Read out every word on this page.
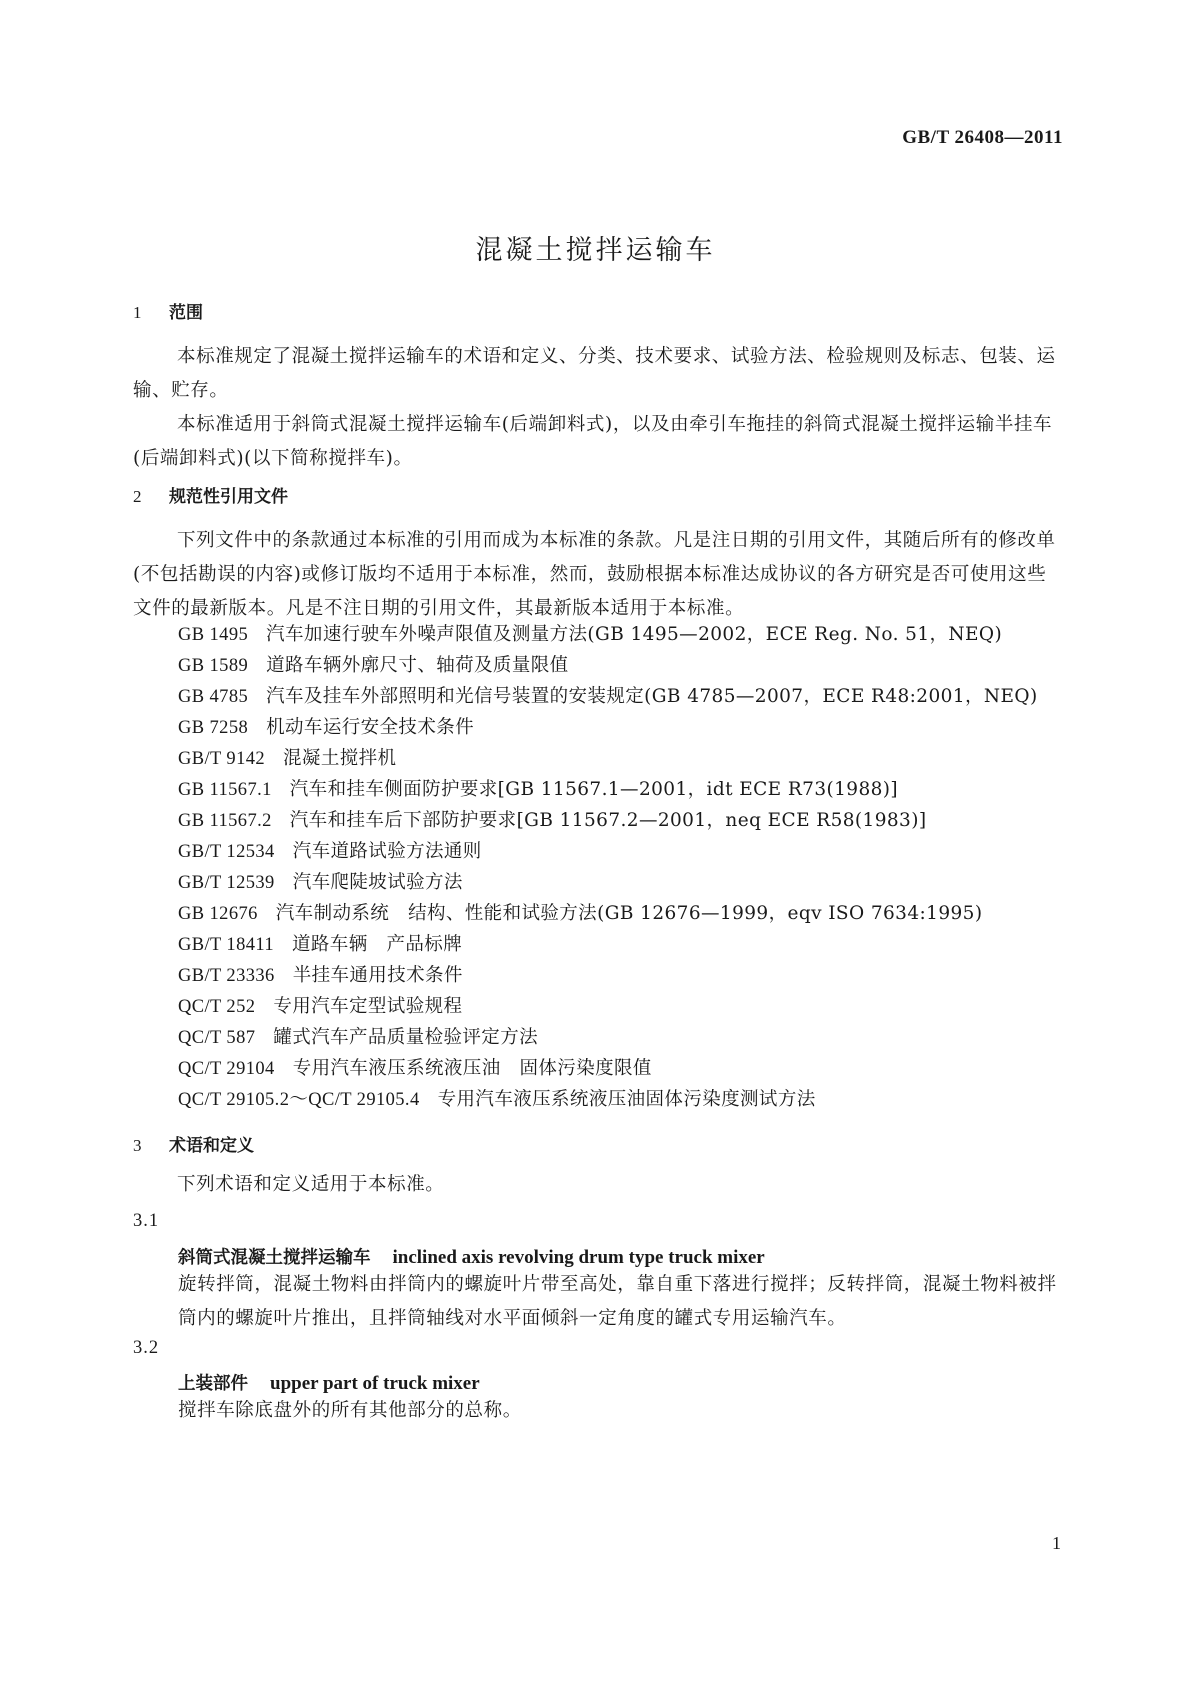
GB/T 26408—2011
混凝土搅拌运输车
1 范围

本标准规定了混凝土搅拌运输车的术语和定义、分类、技术要求、试验方法、检验规则及标志、包装、运输、贮存。

本标准适用于斜筒式混凝土搅拌运输车(后端卸料式)，以及由牵引车拖挂的斜筒式混凝土搅拌运输半挂车(后端卸料式)(以下简称搅拌车)。

2 规范性引用文件

下列文件中的条款通过本标准的引用而成为本标准的条款。凡是注日期的引用文件，其随后所有的修改单(不包括勘误的内容)或修订版均不适用于本标准，然而，鼓励根据本标准达成协议的各方研究是否可使用这些文件的最新版本。凡是不注日期的引用文件，其最新版本适用于本标准。

GB 1495 汽车加速行驶车外噪声限值及测量方法(GB 1495—2002，ECE Reg. No. 51，NEQ)
GB 1589 道路车辆外廓尺寸、轴荷及质量限值
GB 4785 汽车及挂车外部照明和光信号装置的安装规定(GB 4785—2007，ECE R48:2001，NEQ)
GB 7258 机动车运行安全技术条件
GB/T 9142 混凝土搅拌机
GB 11567.1 汽车和挂车侧面防护要求[GB 11567.1—2001，idt ECE R73(1988)]
GB 11567.2 汽车和挂车后下部防护要求[GB 11567.2—2001，neq ECE R58(1983)]
GB/T 12534 汽车道路试验方法通则
GB/T 12539 汽车爬陡坡试验方法
GB 12676 汽车制动系统　结构、性能和试验方法(GB 12676—1999，eqv ISO 7634:1995)
GB/T 18411 道路车辆　产品标牌
GB/T 23336 半挂车通用技术条件
QC/T 252 专用汽车定型试验规程
QC/T 587 罐式汽车产品质量检验评定方法
QC/T 29104 专用汽车液压系统液压油　固体污染度限值
QC/T 29105.2～QC/T 29105.4 专用汽车液压系统液压油固体污染度测试方法
3 术语和定义

下列术语和定义适用于本标准。

3.1
斜筒式混凝土搅拌运输车 inclined axis revolving drum type truck mixer

旋转拌筒，混凝土物料由拌筒内的螺旋叶片带至高处，靠自重下落进行搅拌；反转拌筒，混凝土物料被拌筒内的螺旋叶片推出，且拌筒轴线对水平面倾斜一定角度的罐式专用运输汽车。

3.2
上装部件 upper part of truck mixer

搅拌车除底盘外的所有其他部分的总称。

1
